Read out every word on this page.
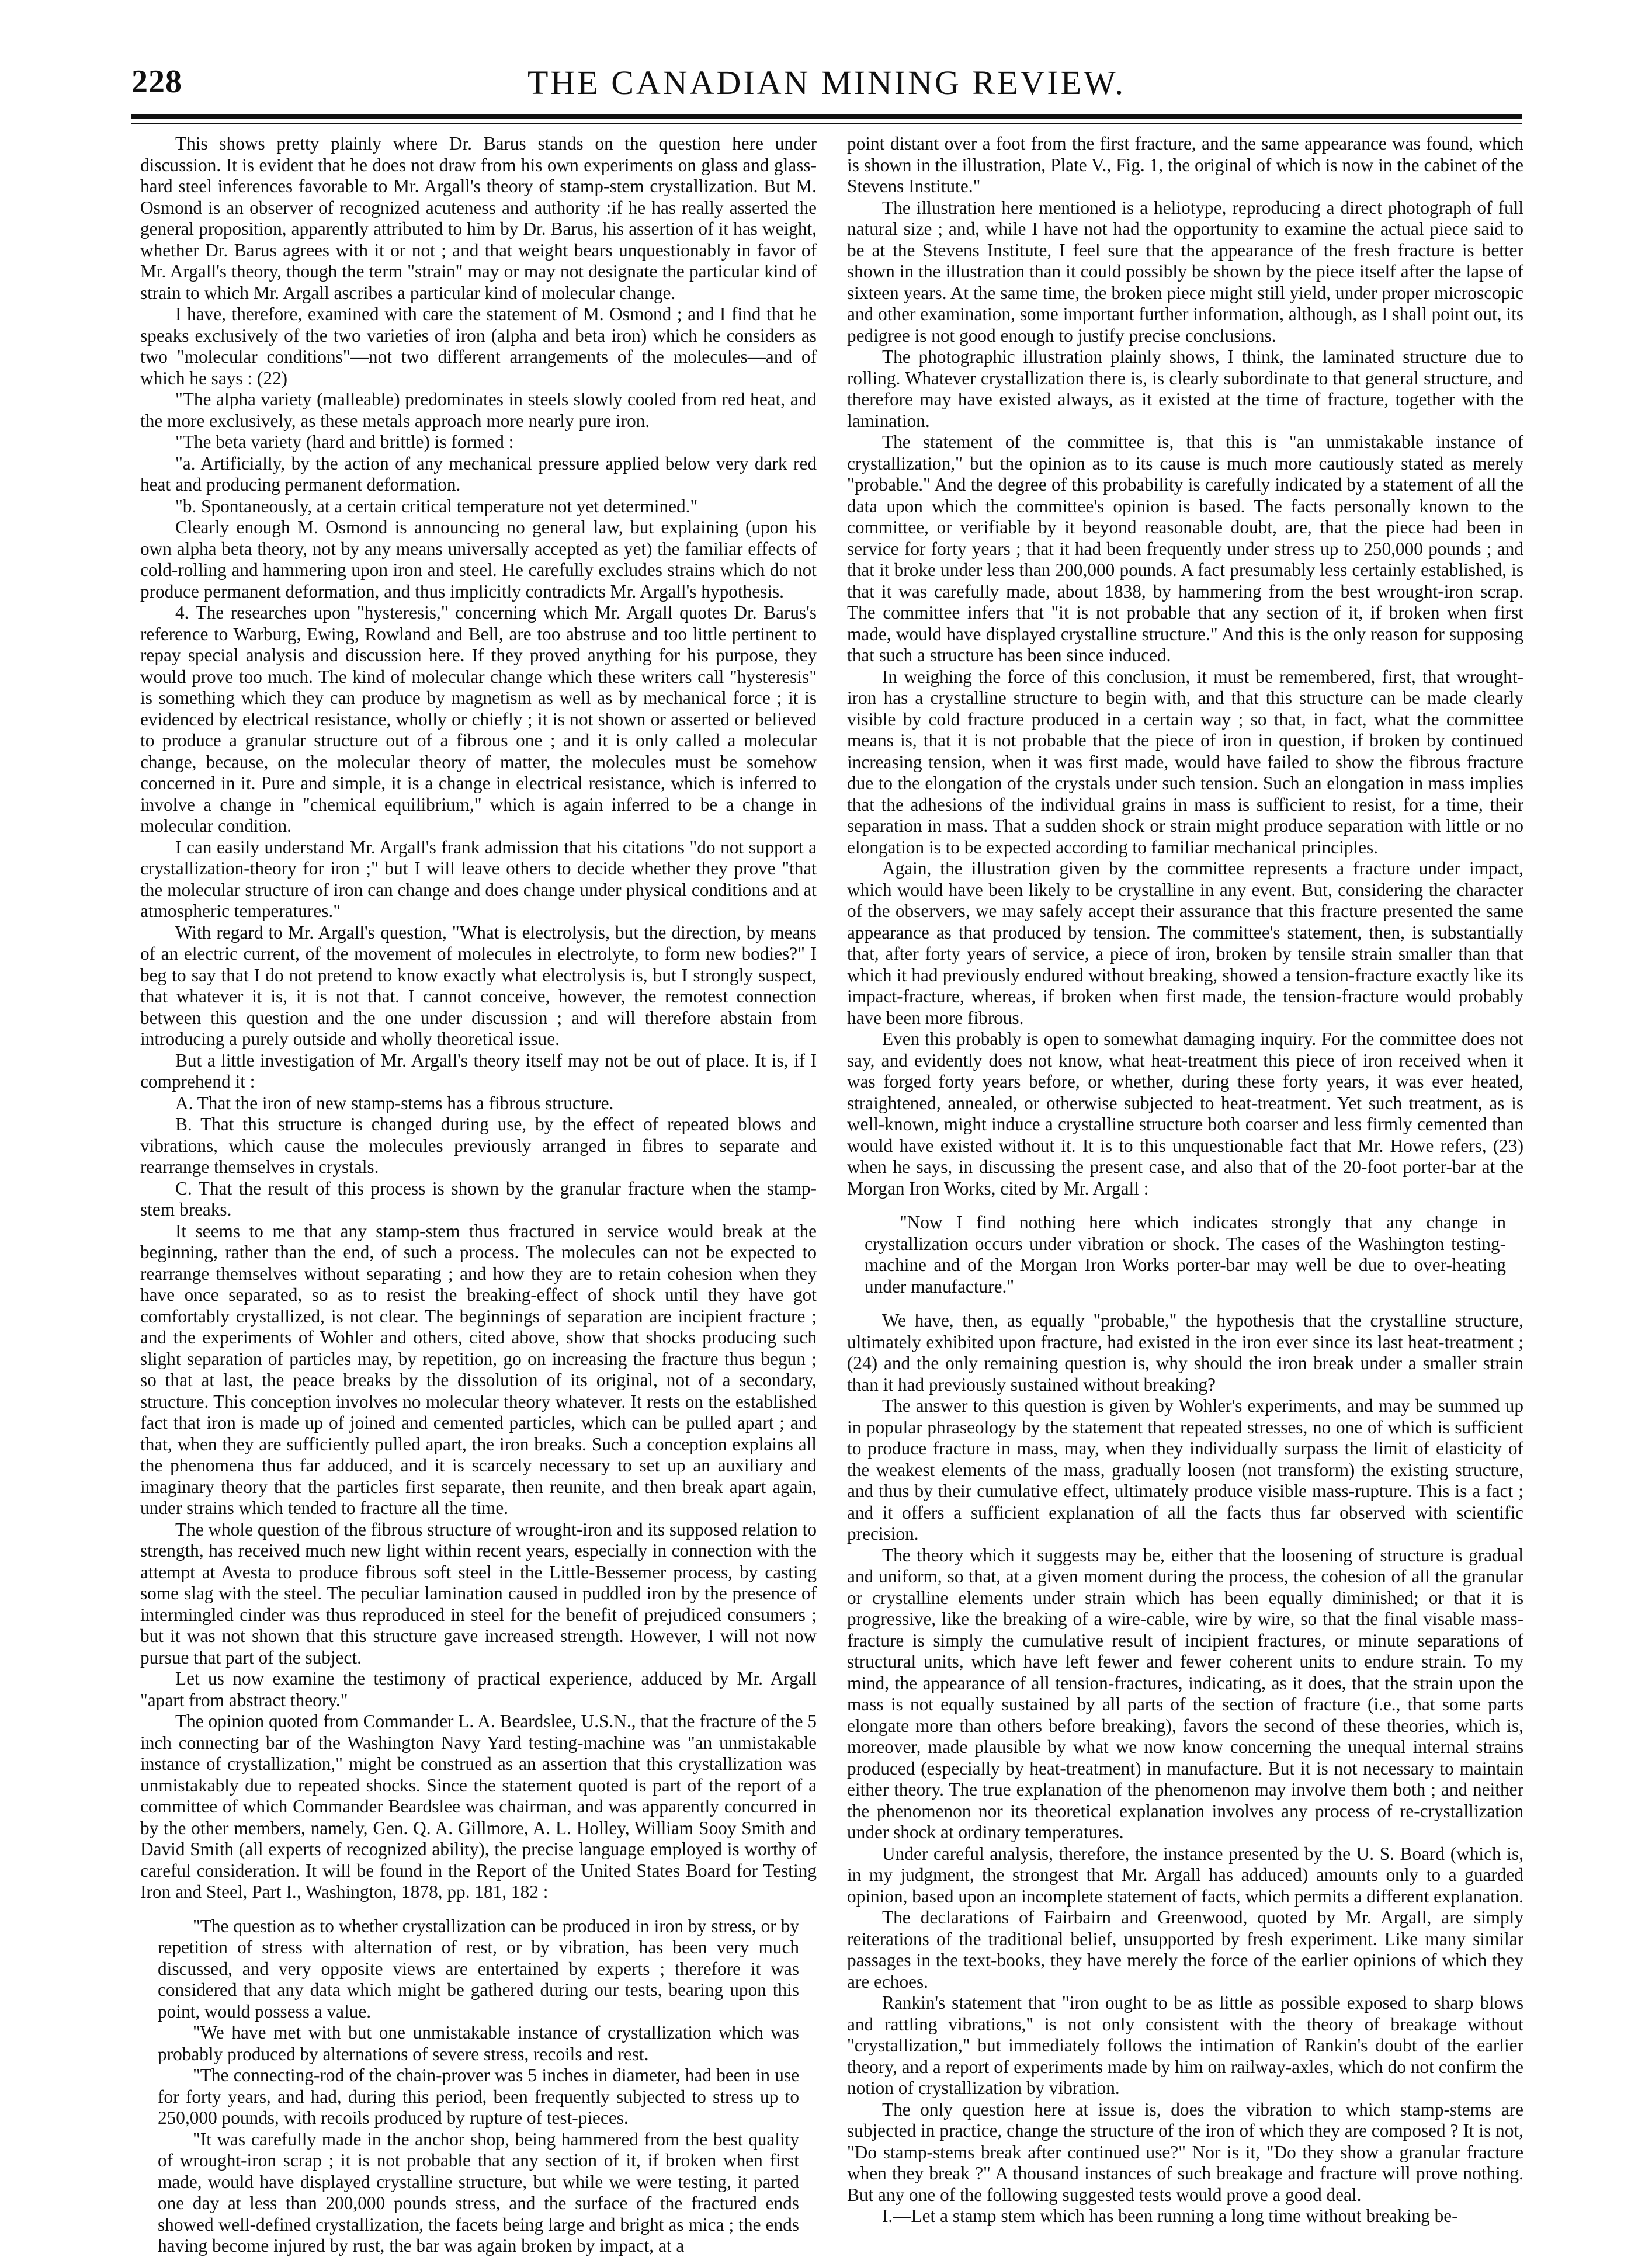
228	THE CANADIAN MINING REVIEW.

This shows pretty plainly where Dr. Barus stands on the question here under discussion. It is evident that he does not draw from his own experiments on glass and glass-hard steel inferences favorable to Mr. Argall's theory of stamp-stem crystallization. But M. Osmond is an observer of recognized acuteness and authority :if he has really asserted the general proposition, apparently attributed to him by Dr. Barus, his assertion of it has weight, whether Dr. Barus agrees with it or not ; and that weight bears unquestionably in favor of Mr. Argall's theory, though the term "strain" may or may not designate the particular kind of strain to which Mr. Argall ascribes a particular kind of molecular change.

I have, therefore, examined with care the statement of M. Osmond ; and I find that he speaks exclusively of the two varieties of iron (alpha and beta iron) which he considers as two "molecular conditions"—not two different arrangements of the molecules—and of which he says : (22)

"The alpha variety (malleable) predominates in steels slowly cooled from red heat, and the more exclusively, as these metals approach more nearly pure iron.

"The beta variety (hard and brittle) is formed :

"a. Artificially, by the action of any mechanical pressure applied below very dark red heat and producing permanent deformation.

"b. Spontaneously, at a certain critical temperature not yet determined."

Clearly enough M. Osmond is announcing no general law, but explaining (upon his own alpha beta theory, not by any means universally accepted as yet) the familiar effects of cold-rolling and hammering upon iron and steel. He carefully excludes strains which do not produce permanent deformation, and thus implicitly contradicts Mr. Argall's hypothesis.

4. The researches upon "hysteresis," concerning which Mr. Argall quotes Dr. Barus's reference to Warburg, Ewing, Rowland and Bell, are too abstruse and too little pertinent to repay special analysis and discussion here. If they proved anything for his purpose, they would prove too much. The kind of molecular change which these writers call "hysteresis" is something which they can produce by magnetism as well as by mechanical force ; it is evidenced by electrical resistance, wholly or chiefly ; it is not shown or asserted or believed to produce a granular structure out of a fibrous one ; and it is only called a molecular change, because, on the molecular theory of matter, the molecules must be somehow concerned in it. Pure and simple, it is a change in electrical resistance, which is inferred to involve a change in "chemical equilibrium," which is again inferred to be a change in molecular condition.

I can easily understand Mr. Argall's frank admission that his citations "do not support a crystallization-theory for iron ;" but I will leave others to decide whether they prove "that the molecular structure of iron can change and does change under physical conditions and at atmospheric temperatures."

With regard to Mr. Argall's question, "What is electrolysis, but the direction, by means of an electric current, of the movement of molecules in electrolyte, to form new bodies?" I beg to say that I do not pretend to know exactly what electrolysis is, but I strongly suspect, that whatever it is, it is not that. I cannot conceive, however, the remotest connection between this question and the one under discussion ; and will therefore abstain from introducing a purely outside and wholly theoretical issue.

But a little investigation of Mr. Argall's theory itself may not be out of place. It is, if I comprehend it :

A. That the iron of new stamp-stems has a fibrous structure.

B. That this structure is changed during use, by the effect of repeated blows and vibrations, which cause the molecules previously arranged in fibres to separate and rearrange themselves in crystals.

C. That the result of this process is shown by the granular fracture when the stamp-stem breaks.

It seems to me that any stamp-stem thus fractured in service would break at the beginning, rather than the end, of such a process. The molecules can not be expected to rearrange themselves without separating ; and how they are to retain cohesion when they have once separated, so as to resist the breaking-effect of shock until they have got comfortably crystallized, is not clear. The beginnings of separation are incipient fracture ; and the experiments of Wohler and others, cited above, show that shocks producing such slight separation of particles may, by repetition, go on increasing the fracture thus begun ; so that at last, the peace breaks by the dissolution of its original, not of a secondary, structure. This conception involves no molecular theory whatever. It rests on the established fact that iron is made up of joined and cemented particles, which can be pulled apart ; and that, when they are sufficiently pulled apart, the iron breaks. Such a conception explains all the phenomena thus far adduced, and it is scarcely necessary to set up an auxiliary and imaginary theory that the particles first separate, then reunite, and then break apart again, under strains which tended to fracture all the time.

The whole question of the fibrous structure of wrought-iron and its supposed relation to strength, has received much new light within recent years, especially in connection with the attempt at Avesta to produce fibrous soft steel in the Little-Bessemer process, by casting some slag with the steel. The peculiar lamination caused in puddled iron by the presence of intermingled cinder was thus reproduced in steel for the benefit of prejudiced consumers ; but it was not shown that this structure gave increased strength. However, I will not now pursue that part of the subject.

Let us now examine the testimony of practical experience, adduced by Mr. Argall "apart from abstract theory."

The opinion quoted from Commander L. A. Beardslee, U.S.N., that the fracture of the 5 inch connecting bar of the Washington Navy Yard testing-machine was "an unmistakable instance of crystallization," might be construed as an assertion that this crystallization was unmistakably due to repeated shocks. Since the statement quoted is part of the report of a committee of which Commander Beardslee was chairman, and was apparently concurred in by the other members, namely, Gen. Q. A. Gillmore, A. L. Holley, William Sooy Smith and David Smith (all experts of recognized ability), the precise language employed is worthy of careful consideration. It will be found in the Report of the United States Board for Testing Iron and Steel, Part I., Washington, 1878, pp. 181, 182 :

"The question as to whether crystallization can be produced in iron by stress, or by repetition of stress with alternation of rest, or by vibration, has been very much discussed, and very opposite views are entertained by experts ; therefore it was considered that any data which might be gathered during our tests, bearing upon this point, would possess a value.

"We have met with but one unmistakable instance of crystallization which was probably produced by alternations of severe stress, recoils and rest.

"The connecting-rod of the chain-prover was 5 inches in diameter, had been in use for forty years, and had, during this period, been frequently subjected to stress up to 250,000 pounds, with recoils produced by rupture of test-pieces.

"It was carefully made in the anchor shop, being hammered from the best quality of wrought-iron scrap ; it is not probable that any section of it, if broken when first made, would have displayed crystalline structure, but while we were testing, it parted one day at less than 200,000 pounds stress, and the surface of the fractured ends showed well-defined crystallization, the facets being large and bright as mica ; the ends having become injured by rust, the bar was again broken by impact, at a

point distant over a foot from the first fracture, and the same appearance was found, which is shown in the illustration, Plate V., Fig. 1, the original of which is now in the cabinet of the Stevens Institute."

The illustration here mentioned is a heliotype, reproducing a direct photograph of full natural size ; and, while I have not had the opportunity to examine the actual piece said to be at the Stevens Institute, I feel sure that the appearance of the fresh fracture is better shown in the illustration than it could possibly be shown by the piece itself after the lapse of sixteen years. At the same time, the broken piece might still yield, under proper microscopic and other examination, some important further information, although, as I shall point out, its pedigree is not good enough to justify precise conclusions.

The photographic illustration plainly shows, I think, the laminated structure due to rolling. Whatever crystallization there is, is clearly subordinate to that general structure, and therefore may have existed always, as it existed at the time of fracture, together with the lamination.

The statement of the committee is, that this is "an unmistakable instance of crystallization," but the opinion as to its cause is much more cautiously stated as merely "probable." And the degree of this probability is carefully indicated by a statement of all the data upon which the committee's opinion is based. The facts personally known to the committee, or verifiable by it beyond reasonable doubt, are, that the piece had been in service for forty years ; that it had been frequently under stress up to 250,000 pounds ; and that it broke under less than 200,000 pounds. A fact presumably less certainly established, is that it was carefully made, about 1838, by hammering from the best wrought-iron scrap. The committee infers that "it is not probable that any section of it, if broken when first made, would have displayed crystalline structure." And this is the only reason for supposing that such a structure has been since induced.

In weighing the force of this conclusion, it must be remembered, first, that wrought-iron has a crystalline structure to begin with, and that this structure can be made clearly visible by cold fracture produced in a certain way ; so that, in fact, what the committee means is, that it is not probable that the piece of iron in question, if broken by continued increasing tension, when it was first made, would have failed to show the fibrous fracture due to the elongation of the crystals under such tension. Such an elongation in mass implies that the adhesions of the individual grains in mass is sufficient to resist, for a time, their separation in mass. That a sudden shock or strain might produce separation with little or no elongation is to be expected according to familiar mechanical principles.

Again, the illustration given by the committee represents a fracture under impact, which would have been likely to be crystalline in any event. But, considering the character of the observers, we may safely accept their assurance that this fracture presented the same appearance as that produced by tension. The committee's statement, then, is substantially that, after forty years of service, a piece of iron, broken by tensile strain smaller than that which it had previously endured without breaking, showed a tension-fracture exactly like its impact-fracture, whereas, if broken when first made, the tension-fracture would probably have been more fibrous.

Even this probably is open to somewhat damaging inquiry. For the committee does not say, and evidently does not know, what heat-treatment this piece of iron received when it was forged forty years before, or whether, during these forty years, it was ever heated, straightened, annealed, or otherwise subjected to heat-treatment. Yet such treatment, as is well-known, might induce a crystalline structure both coarser and less firmly cemented than would have existed without it. It is to this unquestionable fact that Mr. Howe refers, (23) when he says, in discussing the present case, and also that of the 20-foot porter-bar at the Morgan Iron Works, cited by Mr. Argall :

"Now I find nothing here which indicates strongly that any change in crystallization occurs under vibration or shock. The cases of the Washington testing-machine and of the Morgan Iron Works porter-bar may well be due to over-heating under manufacture."

We have, then, as equally "probable," the hypothesis that the crystalline structure, ultimately exhibited upon fracture, had existed in the iron ever since its last heat-treatment ; (24) and the only remaining question is, why should the iron break under a smaller strain than it had previously sustained without breaking?

The answer to this question is given by Wohler's experiments, and may be summed up in popular phraseology by the statement that repeated stresses, no one of which is sufficient to produce fracture in mass, may, when they individually surpass the limit of elasticity of the weakest elements of the mass, gradually loosen (not transform) the existing structure, and thus by their cumulative effect, ultimately produce visible mass-rupture. This is a fact ; and it offers a sufficient explanation of all the facts thus far observed with scientific precision.

The theory which it suggests may be, either that the loosening of structure is gradual and uniform, so that, at a given moment during the process, the cohesion of all the granular or crystalline elements under strain which has been equally diminished; or that it is progressive, like the breaking of a wire-cable, wire by wire, so that the final visable mass-fracture is simply the cumulative result of incipient fractures, or minute separations of structural units, which have left fewer and fewer coherent units to endure strain. To my mind, the appearance of all tension-fractures, indicating, as it does, that the strain upon the mass is not equally sustained by all parts of the section of fracture (i.e., that some parts elongate more than others before breaking), favors the second of these theories, which is, moreover, made plausible by what we now know concerning the unequal internal strains produced (especially by heat-treatment) in manufacture. But it is not necessary to maintain either theory. The true explanation of the phenomenon may involve them both ; and neither the phenomenon nor its theoretical explanation involves any process of re-crystallization under shock at ordinary temperatures.

Under careful analysis, therefore, the instance presented by the U. S. Board (which is, in my judgment, the strongest that Mr. Argall has adduced) amounts only to a guarded opinion, based upon an incomplete statement of facts, which permits a different explanation.

The declarations of Fairbairn and Greenwood, quoted by Mr. Argall, are simply reiterations of the traditional belief, unsupported by fresh experiment. Like many similar passages in the text-books, they have merely the force of the earlier opinions of which they are echoes.

Rankin's statement that "iron ought to be as little as possible exposed to sharp blows and rattling vibrations," is not only consistent with the theory of breakage without "crystallization," but immediately follows the intimation of Rankin's doubt of the earlier theory, and a report of experiments made by him on railway-axles, which do not confirm the notion of crystallization by vibration.

The only question here at issue is, does the vibration to which stamp-stems are subjected in practice, change the structure of the iron of which they are composed ? It is not, "Do stamp-stems break after continued use?" Nor is it, "Do they show a granular fracture when they break ?" A thousand instances of such breakage and fracture will prove nothing. But any one of the following suggested tests would prove a good deal.

I.—Let a stamp stem which has been running a long time without breaking be-
